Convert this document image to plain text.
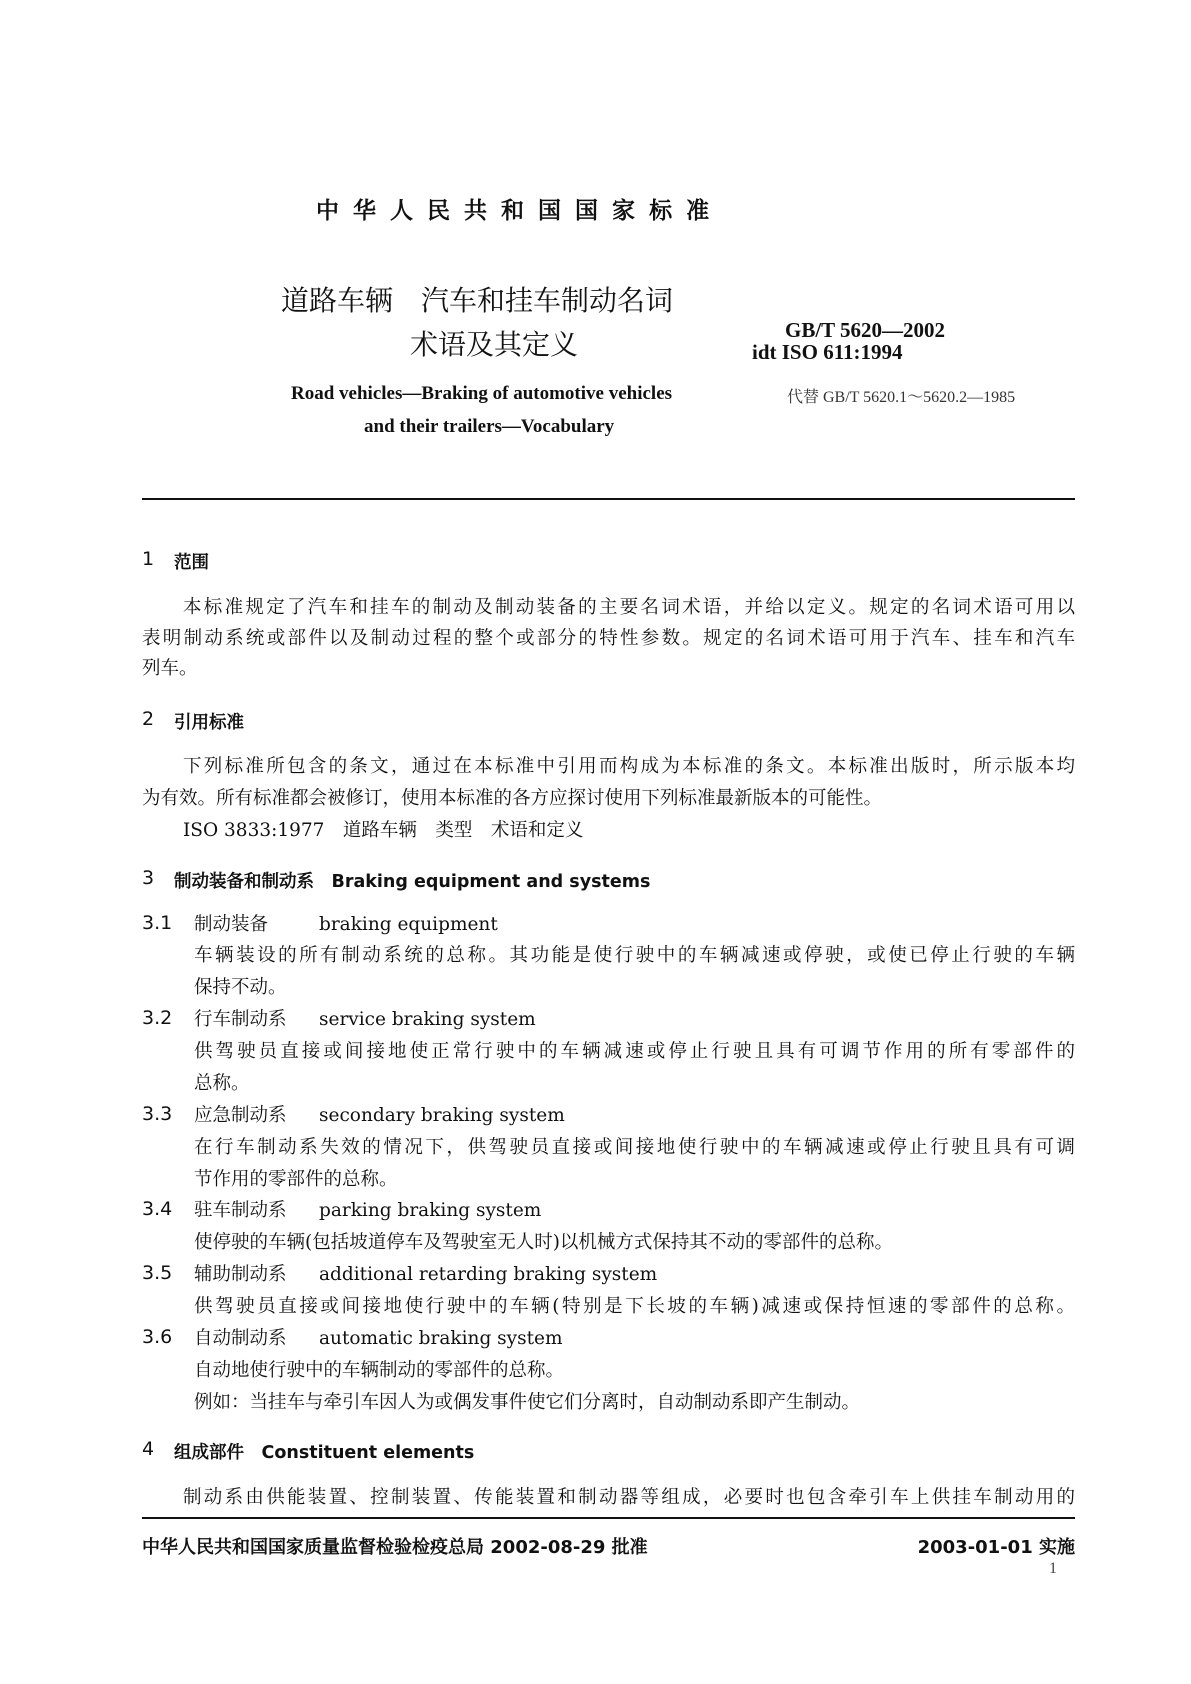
中 华 人 民 共 和 国 国 家 标 准
道路车辆　汽车和挂车制动名词
术语及其定义	GB/T 5620—2002
idt ISO 611:1994
Road vehicles—Braking of automotive vehicles
and their trailers—Vocabulary
代替 GB/T 5620.1～5620.2—1985
1 范围
本标准规定了汽车和挂车的制动及制动装备的主要名词术语，并给以定义。规定的名词术语可用以
表明制动系统或部件以及制动过程的整个或部分的特性参数。规定的名词术语可用于汽车、挂车和汽车
列车。
2 引用标准
下列标准所包含的条文，通过在本标准中引用而构成为本标准的条文。本标准出版时，所示版本均
为有效。所有标准都会被修订，使用本标准的各方应探讨使用下列标准最新版本的可能性。
ISO 3833:1977　道路车辆　类型　术语和定义
3 制动装备和制动系　Braking equipment and systems
3.1 制动装备	braking equipment
车辆装设的所有制动系统的总称。其功能是使行驶中的车辆减速或停驶，或使已停止行驶的车辆
保持不动。
3.2 行车制动系 service braking system
供驾驶员直接或间接地使正常行驶中的车辆减速或停止行驶且具有可调节作用的所有零部件的
总称。
3.3 应急制动系 secondary braking system
在行车制动系失效的情况下，供驾驶员直接或间接地使行驶中的车辆减速或停止行驶且具有可调
节作用的零部件的总称。
3.4 驻车制动系 parking braking system
使停驶的车辆(包括坡道停车及驾驶室无人时)以机械方式保持其不动的零部件的总称。
3.5 辅助制动系 additional retarding braking system
供驾驶员直接或间接地使行驶中的车辆(特别是下长坡的车辆)减速或保持恒速的零部件的总称。
3.6 自动制动系 automatic braking system
自动地使行驶中的车辆制动的零部件的总称。
例如：当挂车与牵引车因人为或偶发事件使它们分离时，自动制动系即产生制动。
4 组成部件　Constituent elements
制动系由供能装置、控制装置、传能装置和制动器等组成，必要时也包含牵引车上供挂车制动用的
中华人民共和国国家质量监督检验检疫总局 2002-08-29 批准	2003-01-01 实施
1
